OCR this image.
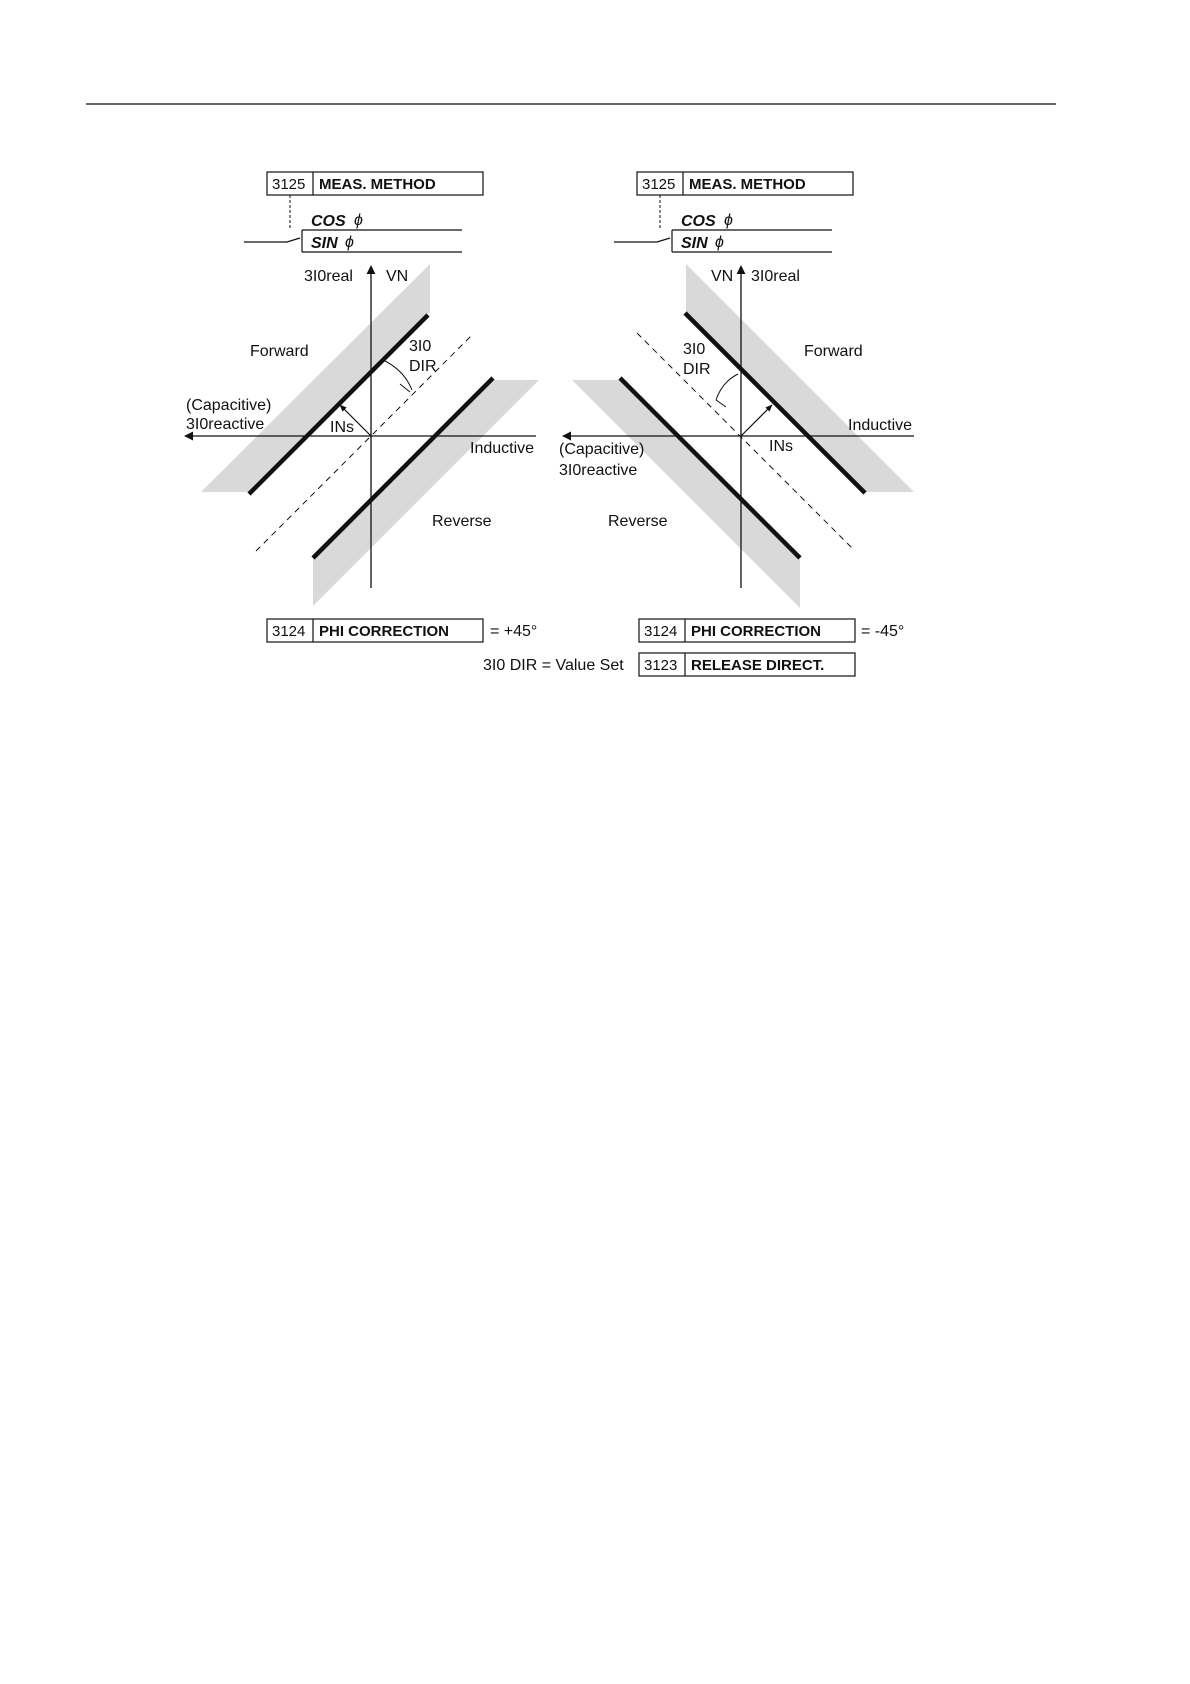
3125 MEAS. METHOD
COS ϕ
SIN ϕ
3I0real VN
Forward	3I0
DIR
(Capacitive)
3I0reactive	INs
Inductive
Reverse
3124 PHI CORRECTION	= +45°
3I0 DIR = Value Set
3125 MEAS. METHOD
COS ϕ
SIN ϕ
VN 3I0real
3I0
DIR
Forward
Inductive
INs
(Capacitive)
3I0reactive
Reverse
3124 PHI CORRECTION = -45°
3123 RELEASE DIRECT.
